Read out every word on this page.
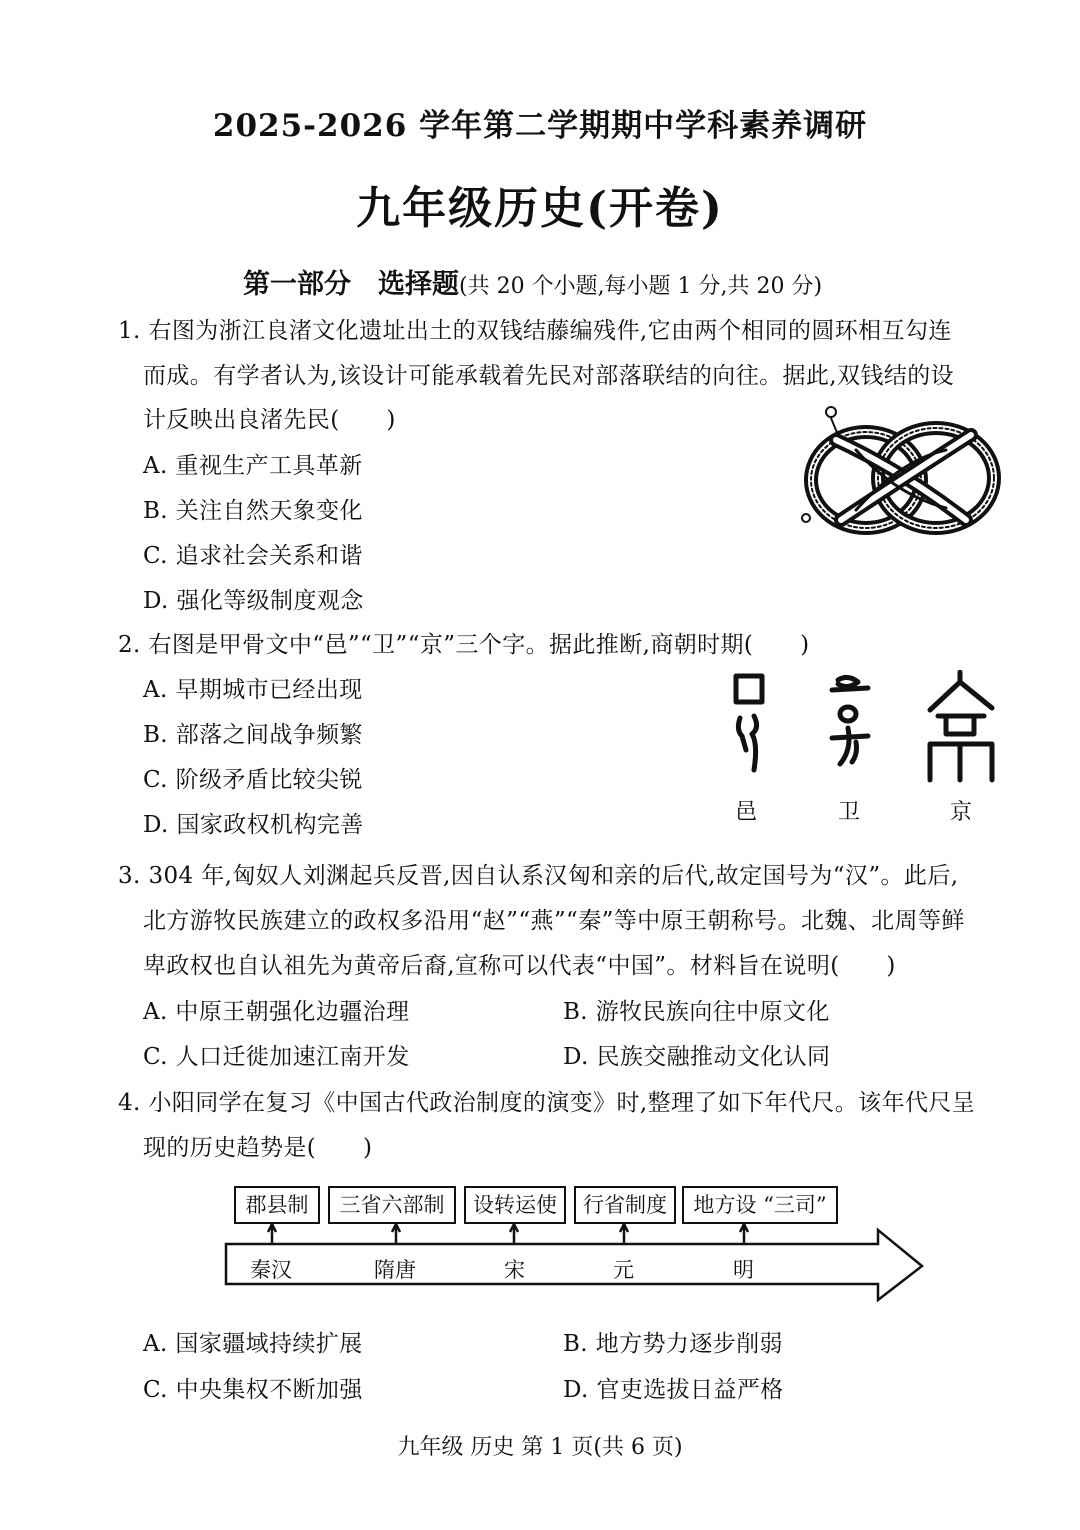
2025-2026 学年第二学期期中学科素养调研
九年级历史(开卷)
第一部分　选择题(共 20 个小题,每小题 1 分,共 20 分)
1. 右图为浙江良渚文化遗址出土的双钱结藤编残件,它由两个相同的圆环相互勾连
而成。有学者认为,该设计可能承载着先民对部落联结的向往。据此,双钱结的设
计反映出良渚先民(　　)
A. 重视生产工具革新
B. 关注自然天象变化
C. 追求社会关系和谐
D. 强化等级制度观念
2. 右图是甲骨文中“邑”“卫”“京”三个字。据此推断,商朝时期(　　)
A. 早期城市已经出现
B. 部落之间战争频繁
C. 阶级矛盾比较尖锐
D. 国家政权机构完善	邑	卫	京
3. 304 年,匈奴人刘渊起兵反晋,因自认系汉匈和亲的后代,故定国号为“汉”。此后,
北方游牧民族建立的政权多沿用“赵”“燕”“秦”等中原王朝称号。北魏、北周等鲜
卑政权也自认祖先为黄帝后裔,宣称可以代表“中国”。材料旨在说明(　　)
A. 中原王朝强化边疆治理	B. 游牧民族向往中原文化
C. 人口迁徙加速江南开发	D. 民族交融推动文化认同
4. 小阳同学在复习《中国古代政治制度的演变》时,整理了如下年代尺。该年代尺呈
现的历史趋势是(　　)
郡县制	三省六部制	设转运使	行省制度	地方设 “三司”
秦汉	隋唐	宋	元	明
A. 国家疆域持续扩展	B. 地方势力逐步削弱
C. 中央集权不断加强	D. 官吏选拔日益严格
九年级 历史 第 1 页(共 6 页)
